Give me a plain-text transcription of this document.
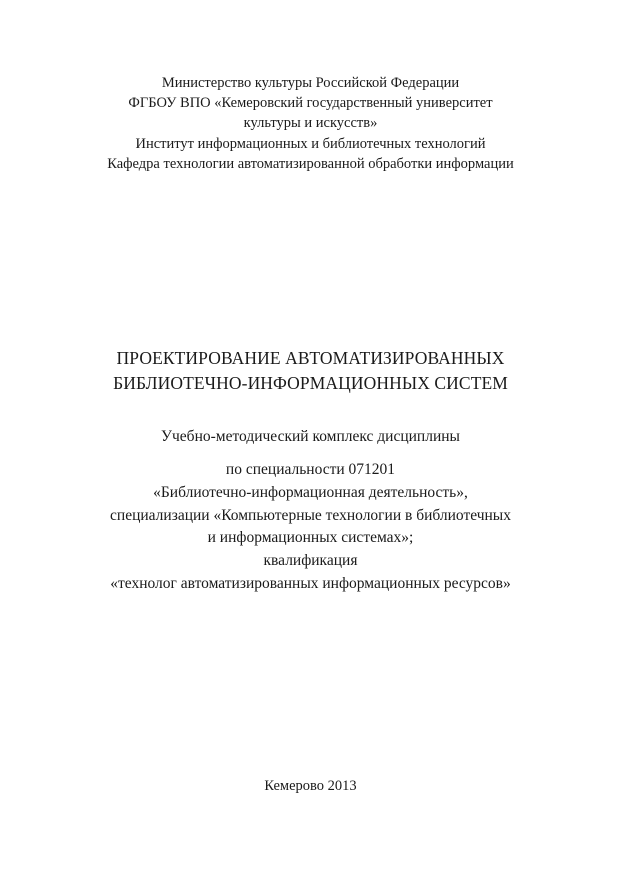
Министерство культуры Российской Федерации
ФГБОУ ВПО «Кемеровский государственный университет
культуры и искусств»
Институт информационных и библиотечных технологий
Кафедра технологии автоматизированной обработки информации
ПРОЕКТИРОВАНИЕ АВТОМАТИЗИРОВАННЫХ
БИБЛИОТЕЧНО-ИНФОРМАЦИОННЫХ СИСТЕМ
Учебно-методический комплекс дисциплины
по специальности 071201
«Библиотечно-информационная деятельность»,
специализации «Компьютерные технологии в библиотечных
и информационных системах»;
квалификация
«технолог автоматизированных информационных ресурсов»
Кемерово 2013
